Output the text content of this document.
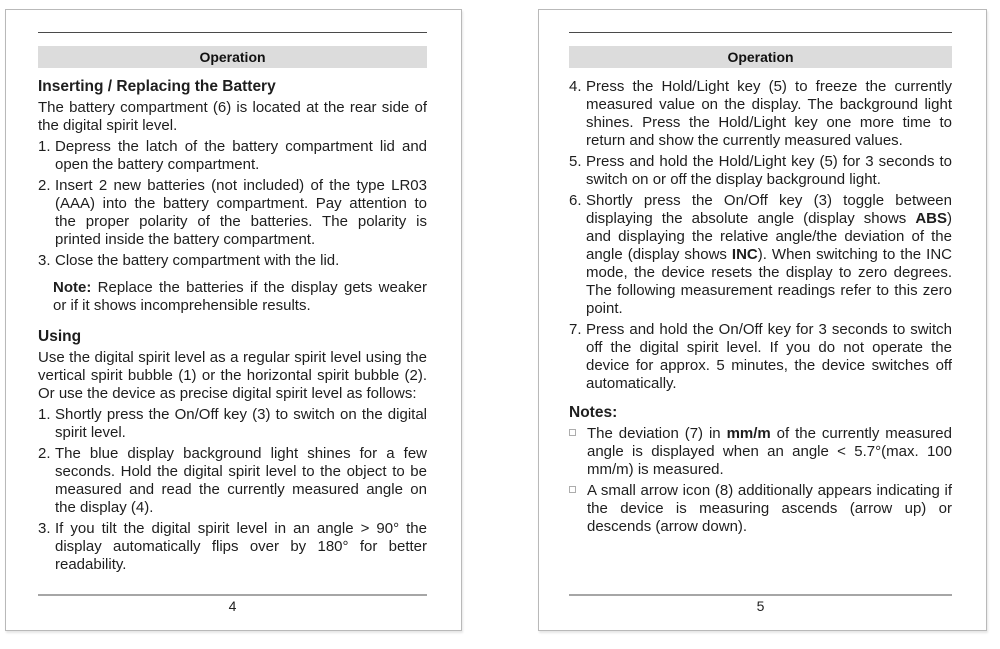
Operation
Inserting / Replacing the Battery
The battery compartment (6) is located at the rear side of the digital spirit level.
1. Depress the latch of the battery compartment lid and open the battery compartment.
2. Insert 2 new batteries (not included) of the type LR03 (AAA) into the battery compartment. Pay attention to the proper polarity of the batteries. The polarity is printed inside the battery compartment.
3. Close the battery compartment with the lid.
Note: Replace the batteries if the display gets weaker or if it shows incomprehensible results.
Using
Use the digital spirit level as a regular spirit level using the vertical spirit bubble (1) or the horizontal spirit bubble (2). Or use the device as precise digital spirit level as follows:
1. Shortly press the On/Off key (3) to switch on the digital spirit level.
2. The blue display background light shines for a few seconds. Hold the digital spirit level to the object to be measured and read the currently measured angle on the display (4).
3. If you tilt the digital spirit level in an angle > 90° the display automatically flips over by 180° for better readability.
4
Operation
4. Press the Hold/Light key (5) to freeze the currently measured value on the display. The background light shines. Press the Hold/Light key one more time to return and show the currently measured values.
5. Press and hold the Hold/Light key (5) for 3 seconds to switch on or off the display background light.
6. Shortly press the On/Off key (3) toggle between displaying the absolute angle (display shows ABS) and displaying the relative angle/the deviation of the angle (display shows INC). When switching to the INC mode, the device resets the display to zero degrees. The following measurement readings refer to this zero point.
7. Press and hold the On/Off key for 3 seconds to switch off the digital spirit level. If you do not operate the device for approx. 5 minutes, the device switches off automatically.
Notes:
The deviation (7) in mm/m of the currently measured angle is displayed when an angle < 5.7°(max. 100 mm/m) is measured.
A small arrow icon (8) additionally appears indicating if the device is measuring ascends (arrow up) or descends (arrow down).
5
